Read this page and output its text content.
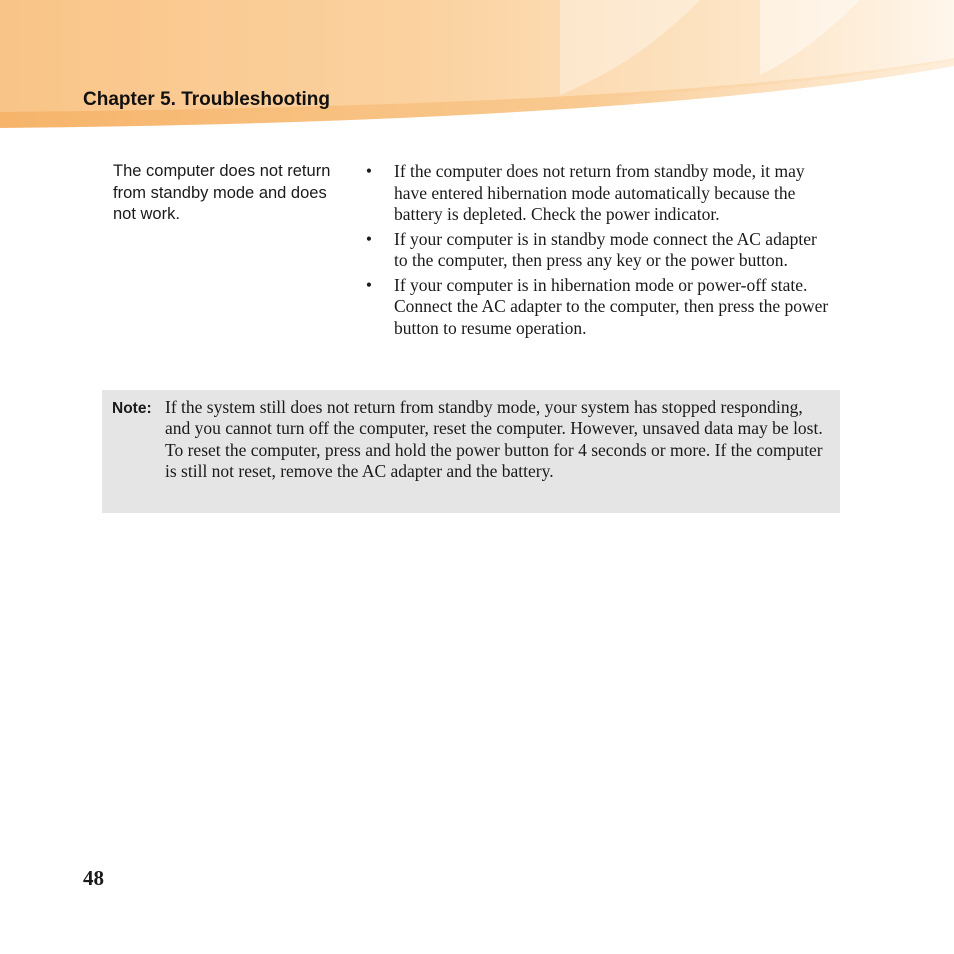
Chapter 5. Troubleshooting
The computer does not return from standby mode and does not work.
• If the computer does not return from standby mode, it may have entered hibernation mode automatically because the battery is depleted. Check the power indicator.
• If your computer is in standby mode connect the AC adapter to the computer, then press any key or the power button.
• If your computer is in hibernation mode or power-off state. Connect the AC adapter to the computer, then press the power button to resume operation.
Note: If the system still does not return from standby mode, your system has stopped responding, and you cannot turn off the computer, reset the computer. However, unsaved data may be lost. To reset the computer, press and hold the power button for 4 seconds or more. If the computer is still not reset, remove the AC adapter and the battery.
48
